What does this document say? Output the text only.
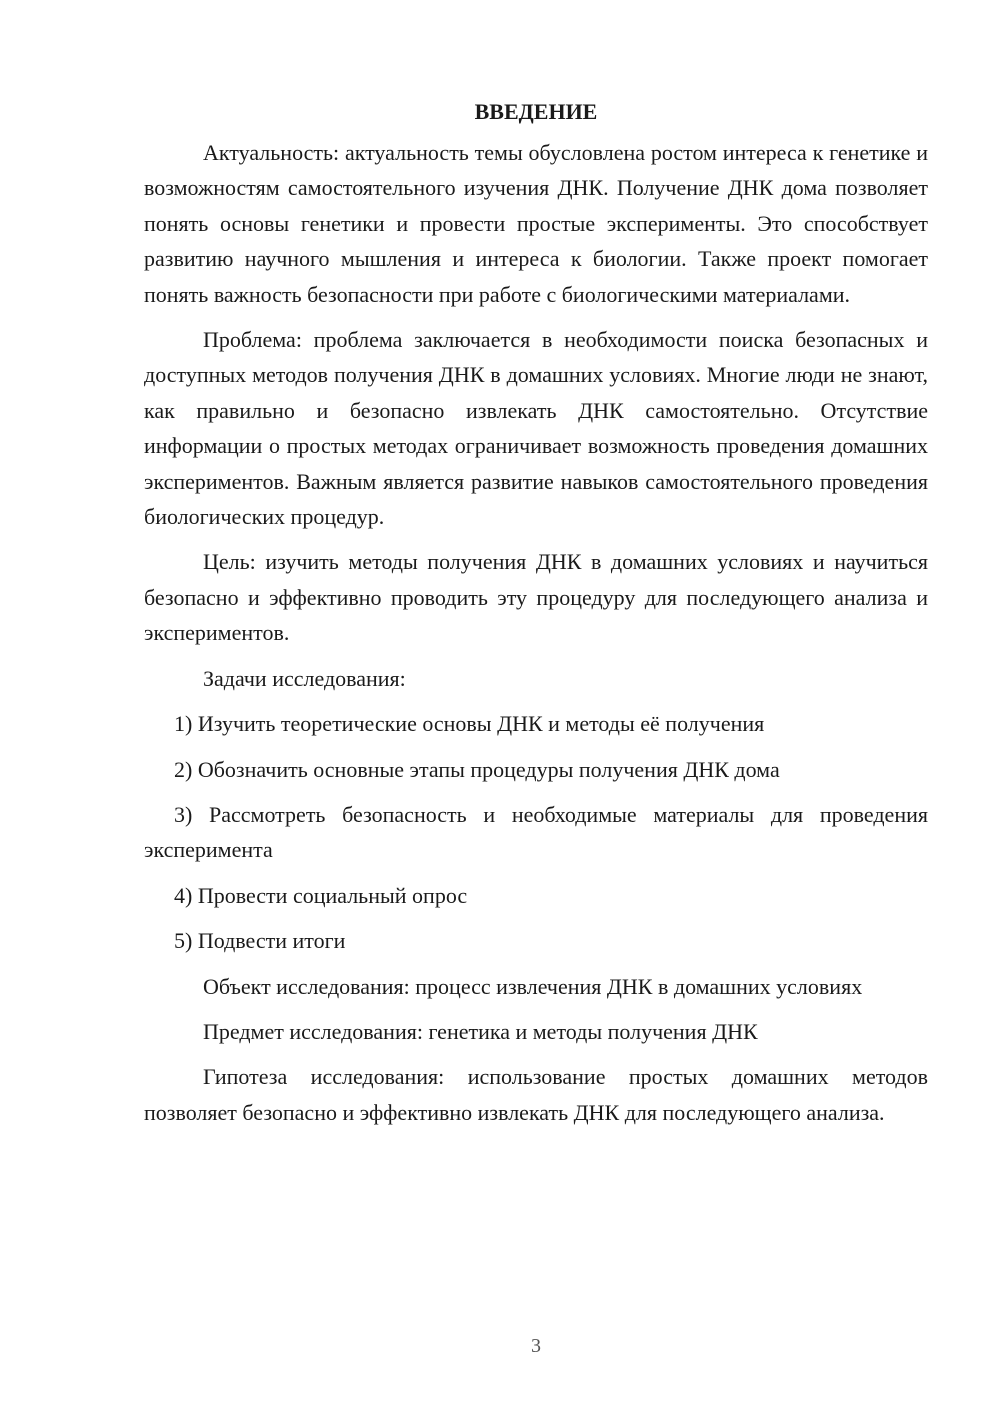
ВВЕДЕНИЕ

Актуальность: актуальность темы обусловлена ростом интереса к генетике и возможностям самостоятельного изучения ДНК. Получение ДНК дома позволяет понять основы генетики и провести простые эксперименты. Это способствует развитию научного мышления и интереса к биологии. Также проект помогает понять важность безопасности при работе с биологическими материалами.

Проблема: проблема заключается в необходимости поиска безопасных и доступных методов получения ДНК в домашних условиях. Многие люди не знают, как правильно и безопасно извлекать ДНК самостоятельно. Отсутствие информации о простых методах ограничивает возможность проведения домашних экспериментов. Важным является развитие навыков самостоятельного проведения биологических процедур.

Цель: изучить методы получения ДНК в домашних условиях и научиться безопасно и эффективно проводить эту процедуру для последующего анализа и экспериментов.

Задачи исследования:

1) Изучить теоретические основы ДНК и методы её получения

2) Обозначить основные этапы процедуры получения ДНК дома

3) Рассмотреть безопасность и необходимые материалы для проведения эксперимента

4) Провести социальный опрос

5) Подвести итоги

Объект исследования: процесс извлечения ДНК в домашних условиях

Предмет исследования: генетика и методы получения ДНК

Гипотеза исследования: использование простых домашних методов позволяет безопасно и эффективно извлекать ДНК для последующего анализа.

3
